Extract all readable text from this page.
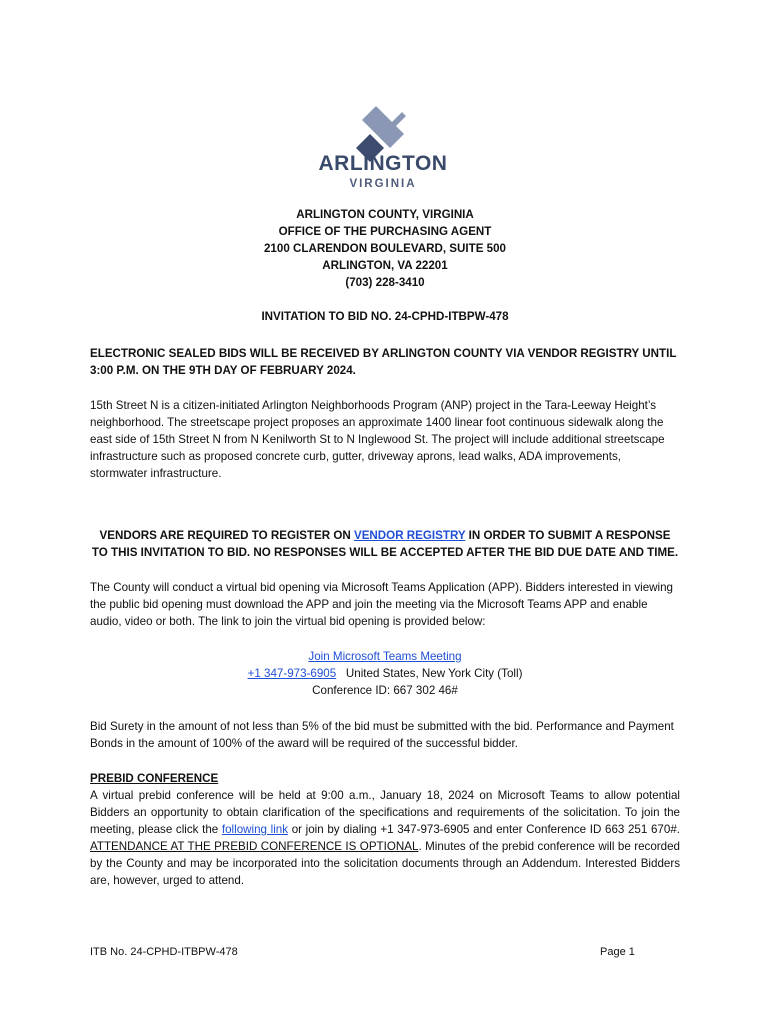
ARLINGTON
VIRGINIA
ARLINGTON COUNTY, VIRGINIA
OFFICE OF THE PURCHASING AGENT
2100 CLARENDON BOULEVARD, SUITE 500
ARLINGTON, VA 22201
(703) 228-3410
INVITATION TO BID NO. 24-CPHD-ITBPW-478
ELECTRONIC SEALED BIDS WILL BE RECEIVED BY ARLINGTON COUNTY VIA VENDOR REGISTRY UNTIL 3:00 P.M. ON THE 9TH DAY OF FEBRUARY 2024.
15th Street N is a citizen-initiated Arlington Neighborhoods Program (ANP) project in the Tara-Leeway Height’s neighborhood. The streetscape project proposes an approximate 1400 linear foot continuous sidewalk along the east side of 15th Street N from N Kenilworth St to N Inglewood St. The project will include additional streetscape infrastructure such as proposed concrete curb, gutter, driveway aprons, lead walks, ADA improvements, stormwater infrastructure.
VENDORS ARE REQUIRED TO REGISTER ON VENDOR REGISTRY IN ORDER TO SUBMIT A RESPONSE TO THIS INVITATION TO BID. NO RESPONSES WILL BE ACCEPTED AFTER THE BID DUE DATE AND TIME.
The County will conduct a virtual bid opening via Microsoft Teams Application (APP). Bidders interested in viewing the public bid opening must download the APP and join the meeting via the Microsoft Teams APP and enable audio, video or both. The link to join the virtual bid opening is provided below:
Join Microsoft Teams Meeting
+1 347-973-6905 United States, New York City (Toll)
Conference ID: 667 302 46#
Bid Surety in the amount of not less than 5% of the bid must be submitted with the bid. Performance and Payment Bonds in the amount of 100% of the award will be required of the successful bidder.
PREBID CONFERENCE
A virtual prebid conference will be held at 9:00 a.m., January 18, 2024 on Microsoft Teams to allow potential Bidders an opportunity to obtain clarification of the specifications and requirements of the solicitation. To join the meeting, please click the following link or join by dialing +1 347-973-6905 and enter Conference ID 663 251 670#. ATTENDANCE AT THE PREBID CONFERENCE IS OPTIONAL. Minutes of the prebid conference will be recorded by the County and may be incorporated into the solicitation documents through an Addendum. Interested Bidders are, however, urged to attend.
ITB No. 24-CPHD-ITBPW-478	Page 1
